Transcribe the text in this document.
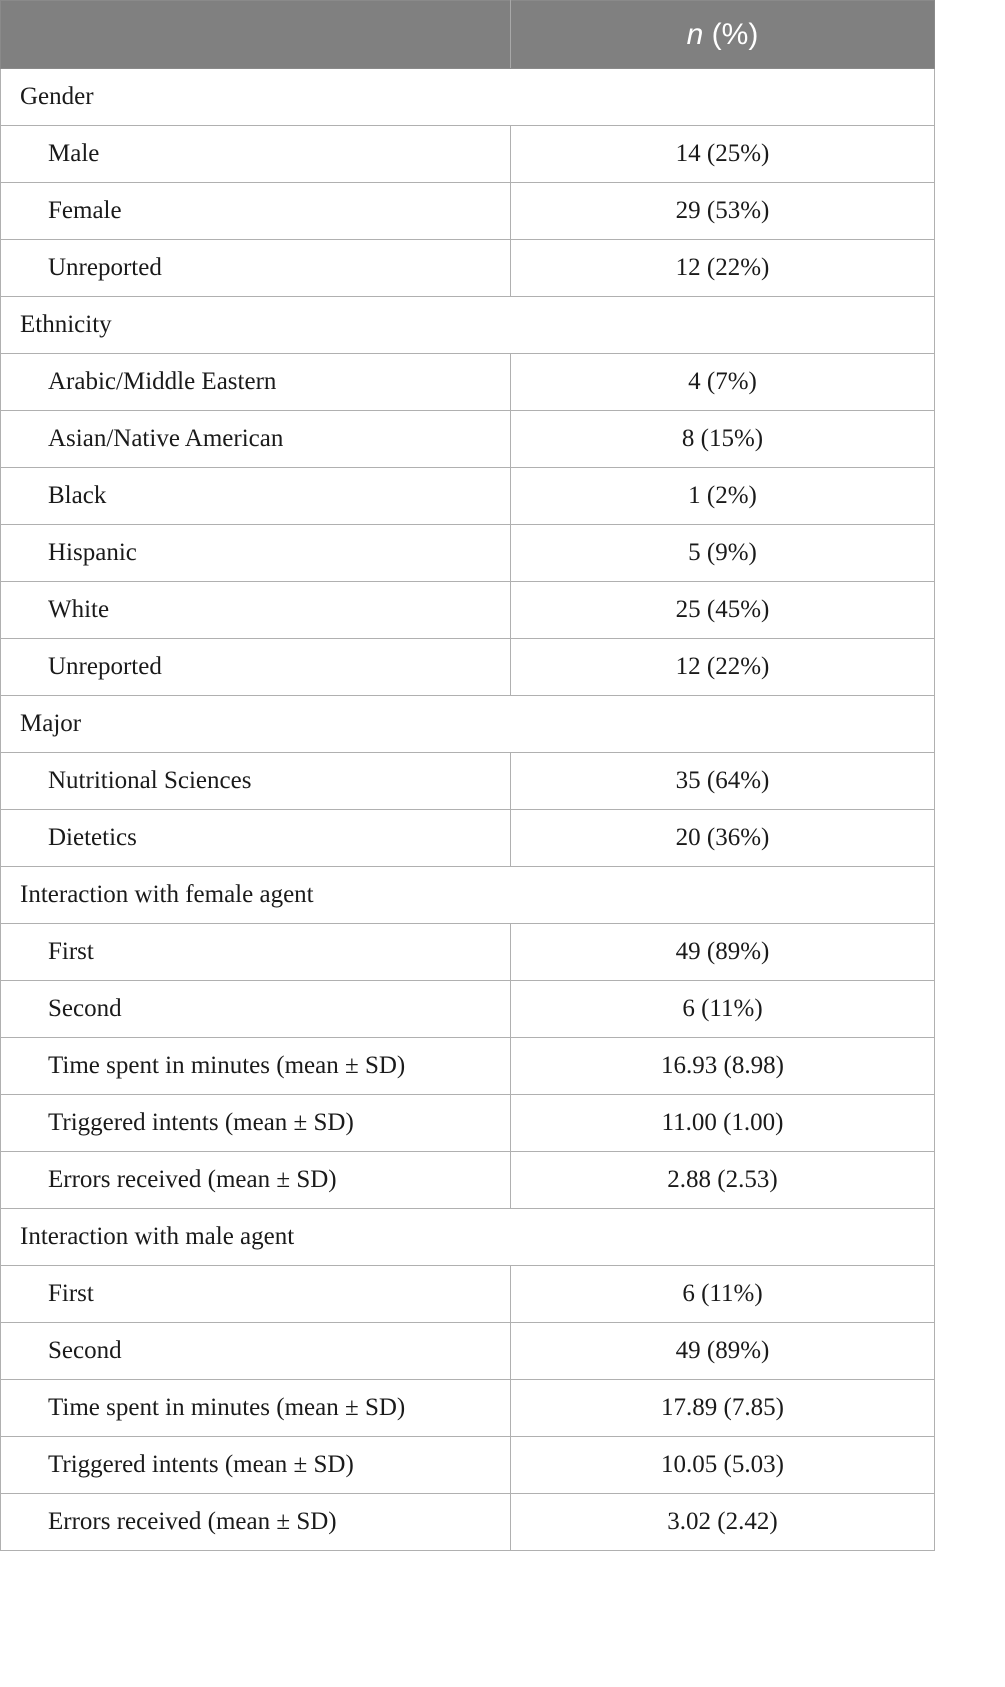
	n (%)
Gender	
Male	14 (25%)
Female	29 (53%)
Unreported	12 (22%)
Ethnicity	
Arabic/Middle Eastern	4 (7%)
Asian/Native American	8 (15%)
Black	1 (2%)
Hispanic	5 (9%)
White	25 (45%)
Unreported	12 (22%)
Major	
Nutritional Sciences	35 (64%)
Dietetics	20 (36%)
Interaction with female agent	
First	49 (89%)
Second	6 (11%)
Time spent in minutes (mean ± SD)	16.93 (8.98)
Triggered intents (mean ± SD)	11.00 (1.00)
Errors received (mean ± SD)	2.88 (2.53)
Interaction with male agent	
First	6 (11%)
Second	49 (89%)
Time spent in minutes (mean ± SD)	17.89 (7.85)
Triggered intents (mean ± SD)	10.05 (5.03)
Errors received (mean ± SD)	3.02 (2.42)
